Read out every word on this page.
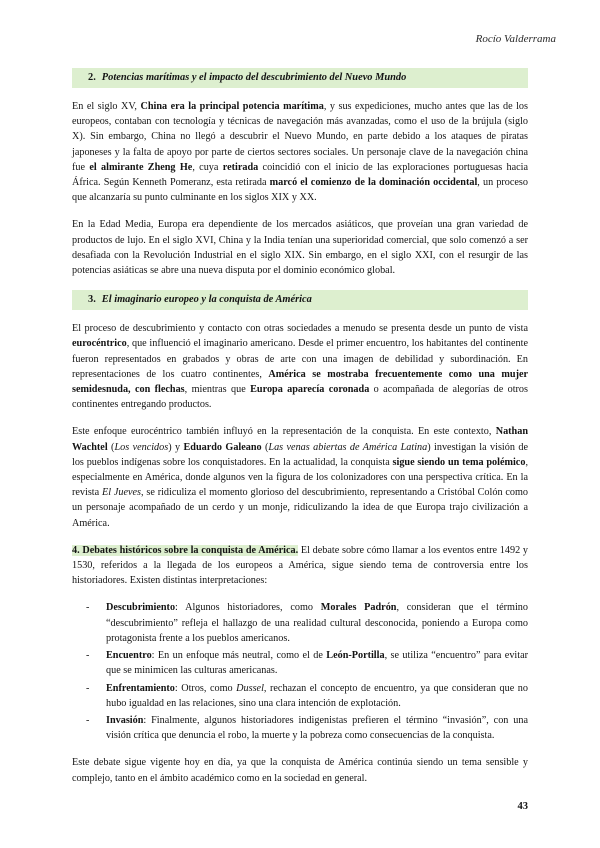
Rocío Valderrama
2. Potencias marítimas y el impacto del descubrimiento del Nuevo Mundo

En el siglo XV, China era la principal potencia marítima, y sus expediciones, mucho antes que las de los europeos, contaban con tecnología y técnicas de navegación más avanzadas, como el uso de la brújula (siglo X). Sin embargo, China no llegó a descubrir el Nuevo Mundo, en parte debido a los ataques de piratas japoneses y la falta de apoyo por parte de ciertos sectores sociales. Un personaje clave de la navegación china fue el almirante Zheng He, cuya retirada coincidió con el inicio de las exploraciones portuguesas hacia África. Según Kenneth Pomeranz, esta retirada marcó el comienzo de la dominación occidental, un proceso que alcanzaría su punto culminante en los siglos XIX y XX.

En la Edad Media, Europa era dependiente de los mercados asiáticos, que proveían una gran variedad de productos de lujo. En el siglo XVI, China y la India tenían una superioridad comercial, que solo comenzó a ser desafiada con la Revolución Industrial en el siglo XIX. Sin embargo, en el siglo XXI, con el resurgir de las potencias asiáticas se abre una nueva disputa por el dominio económico global.

3. El imaginario europeo y la conquista de América

El proceso de descubrimiento y contacto con otras sociedades a menudo se presenta desde un punto de vista eurocéntrico, que influenció el imaginario americano. Desde el primer encuentro, los habitantes del continente fueron representados en grabados y obras de arte con una imagen de debilidad y subordinación. En representaciones de los cuatro continentes, América se mostraba frecuentemente como una mujer semidesnuda, con flechas, mientras que Europa aparecía coronada o acompañada de alegorías de otros continentes entregando productos.

Este enfoque eurocéntrico también influyó en la representación de la conquista. En este contexto, Nathan Wachtel (Los vencidos) y Eduardo Galeano (Las venas abiertas de América Latina) investigan la visión de los pueblos indígenas sobre los conquistadores. En la actualidad, la conquista sigue siendo un tema polémico, especialmente en América, donde algunos ven la figura de los colonizadores con una perspectiva crítica. En la revista El Jueves, se ridiculiza el momento glorioso del descubrimiento, representando a Cristóbal Colón como un personaje acompañado de un cerdo y un monje, ridiculizando la idea de que Europa trajo civilización a América.

4. Debates históricos sobre la conquista de América. El debate sobre cómo llamar a los eventos entre 1492 y 1530, referidos a la llegada de los europeos a América, sigue siendo tema de controversia entre los historiadores. Existen distintas interpretaciones:

- Descubrimiento: Algunos historiadores, como Morales Padrón, consideran que el término “descubrimiento” refleja el hallazgo de una realidad cultural desconocida, poniendo a Europa como protagonista frente a los pueblos americanos.
- Encuentro: En un enfoque más neutral, como el de León-Portilla, se utiliza “encuentro” para evitar que se minimicen las culturas americanas.
- Enfrentamiento: Otros, como Dussel, rechazan el concepto de encuentro, ya que consideran que no hubo igualdad en las relaciones, sino una clara intención de explotación.
- Invasión: Finalmente, algunos historiadores indigenistas prefieren el término “invasión”, con una visión crítica que denuncia el robo, la muerte y la pobreza como consecuencias de la conquista.

Este debate sigue vigente hoy en día, ya que la conquista de América continúa siendo un tema sensible y complejo, tanto en el ámbito académico como en la sociedad en general.

43
